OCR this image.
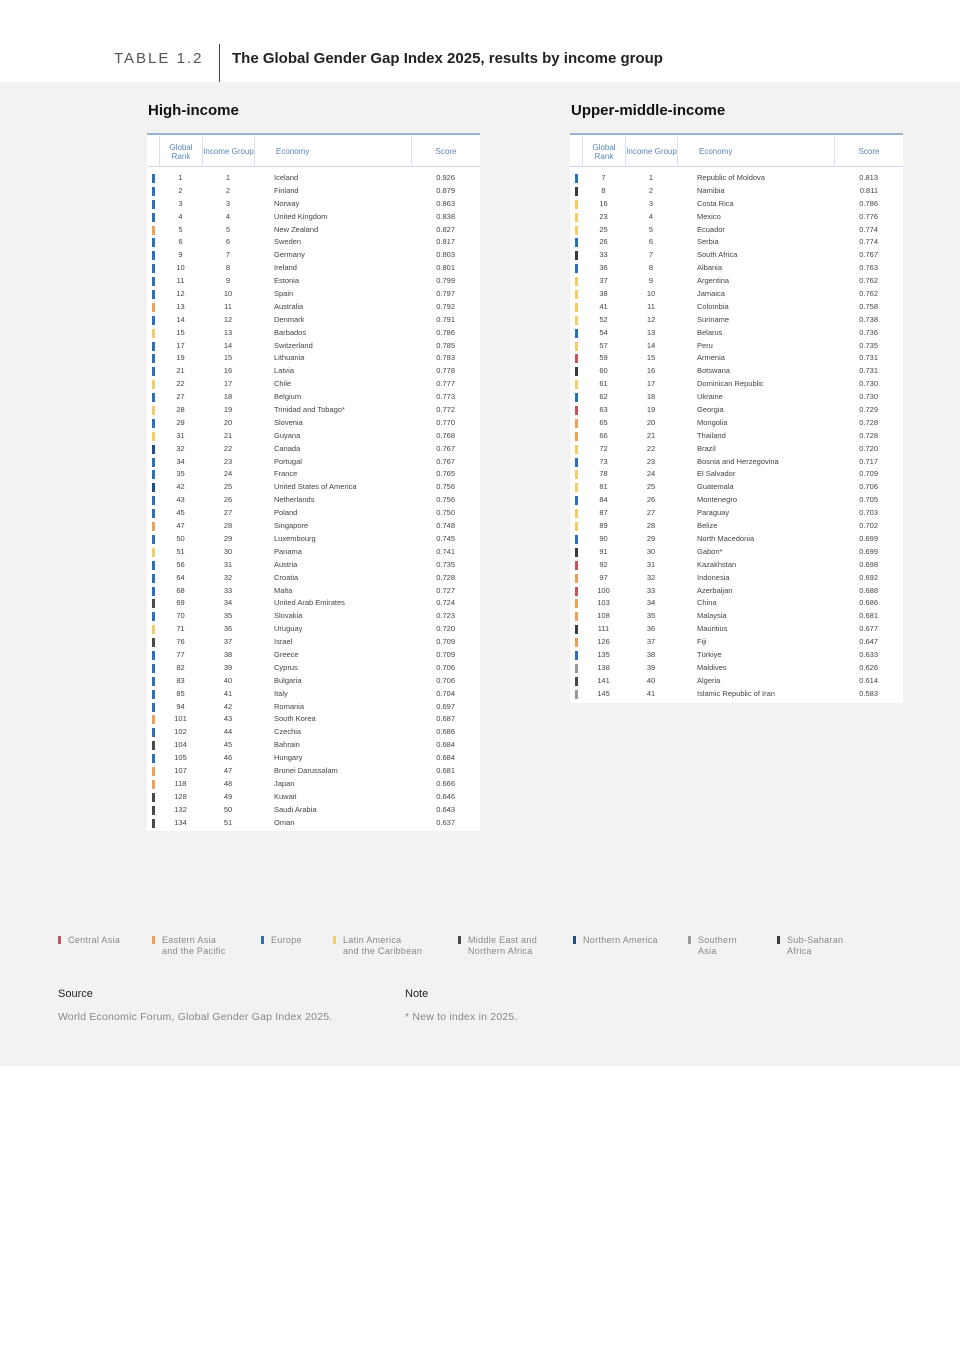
TABLE 1.2 The Global Gender Gap Index 2025, results by income group
High-income
Global Rank	Income Group	Economy	Score
1	1	Iceland	0.926
2	2	Finland	0.879
3	3	Norway	0.863
4	4	United Kingdom	0.838
5	5	New Zealand	0.827
6	6	Sweden	0.817
9	7	Germany	0.803
10	8	Ireland	0.801
11	9	Estonia	0.799
12	10	Spain	0.797
13	11	Australia	0.792
14	12	Denmark	0.791
15	13	Barbados	0.786
17	14	Switzerland	0.785
19	15	Lithuania	0.783
21	16	Latvia	0.778
22	17	Chile	0.777
27	18	Belgium	0.773
28	19	Trinidad and Tobago*	0.772
29	20	Slovenia	0.770
31	21	Guyana	0.768
32	22	Canada	0.767
34	23	Portugal	0.767
35	24	France	0.765
42	25	United States of America	0.756
43	26	Netherlands	0.756
45	27	Poland	0.750
47	28	Singapore	0.748
50	29	Luxembourg	0.745
51	30	Panama	0.741
56	31	Austria	0.735
64	32	Croatia	0.728
68	33	Malta	0.727
69	34	United Arab Emirates	0.724
70	35	Slovakia	0.723
71	36	Uruguay	0.720
76	37	Israel	0.709
77	38	Greece	0.709
82	39	Cyprus	0.706
83	40	Bulgaria	0.706
85	41	Italy	0.704
94	42	Romania	0.697
101	43	South Korea	0.687
102	44	Czechia	0.686
104	45	Bahrain	0.684
105	46	Hungary	0.684
107	47	Brunei Darussalam	0.681
118	48	Japan	0.666
128	49	Kuwait	0.646
132	50	Saudi Arabia	0.643
134	51	Oman	0.637
Upper-middle-income
Global Rank	Income Group	Economy	Score
7	1	Republic of Moldova	0.813
8	2	Namibia	0.811
16	3	Costa Rica	0.786
23	4	Mexico	0.776
25	5	Ecuador	0.774
26	6	Serbia	0.774
33	7	South Africa	0.767
36	8	Albania	0.763
37	9	Argentina	0.762
38	10	Jamaica	0.762
41	11	Colombia	0.758
52	12	Suriname	0.738
54	13	Belarus	0.736
57	14	Peru	0.735
59	15	Armenia	0.731
60	16	Botswana	0.731
61	17	Dominican Republic	0.730
62	18	Ukraine	0.730
63	19	Georgia	0.729
65	20	Mongolia	0.728
66	21	Thailand	0.728
72	22	Brazil	0.720
73	23	Bosnia and Herzegovina	0.717
78	24	El Salvador	0.709
81	25	Guatemala	0.706
84	26	Montenegro	0.705
87	27	Paraguay	0.703
89	28	Belize	0.702
90	29	North Macedonia	0.699
91	30	Gabon*	0.699
92	31	Kazakhstan	0.698
97	32	Indonesia	0.692
100	33	Azerbaijan	0.688
103	34	China	0.686
108	35	Malaysia	0.681
111	36	Mauritius	0.677
126	37	Fiji	0.647
135	38	Türkiye	0.633
138	39	Maldives	0.626
141	40	Algeria	0.614
145	41	Islamic Republic of Iran	0.583
Central Asia	Eastern Asia
and the Pacific
Europe	Latin America
and the Caribbean
Middle East and
Northern Africa
Northern America	Southern
Asia
Sub-Saharan
Africa
Source
World Economic Forum, Global Gender Gap Index 2025.
Note
* New to index in 2025.
